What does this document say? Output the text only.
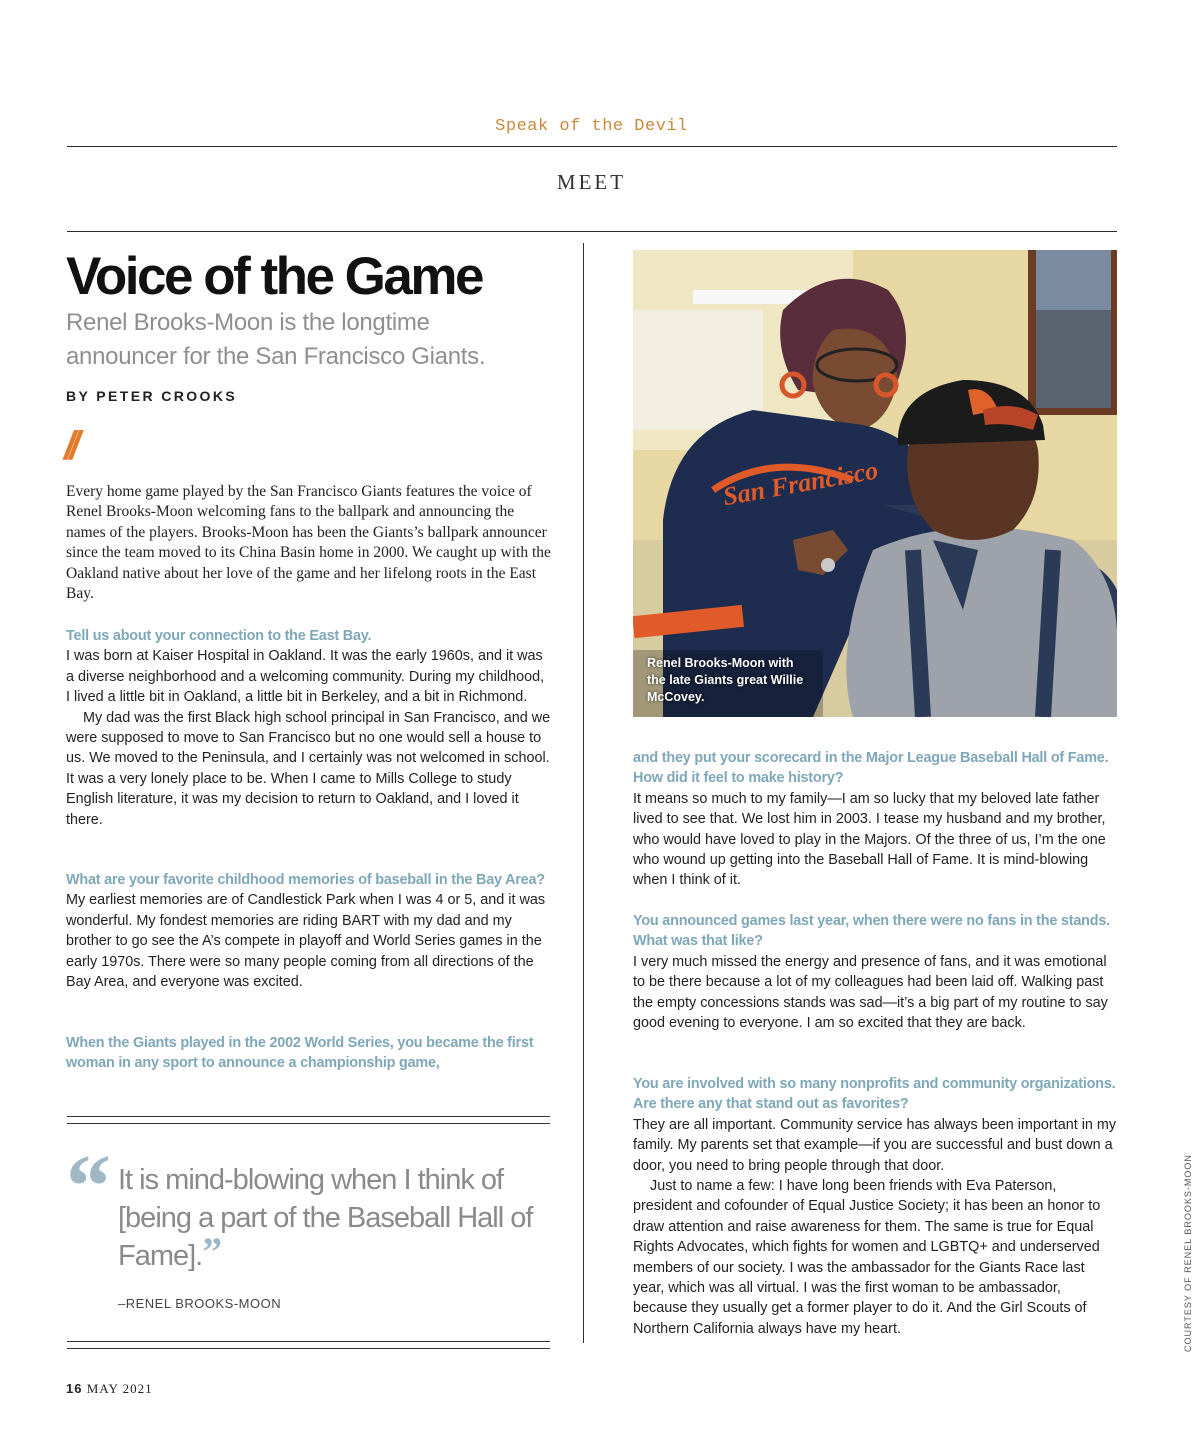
Speak of the Devil
MEET
Voice of the Game

Renel Brooks-Moon is the longtime announcer for the San Francisco Giants.

BY PETER CROOKS

//

Every home game played by the San Francisco Giants features the voice of Renel Brooks-Moon welcoming fans to the ballpark and announcing the names of the players. Brooks-Moon has been the Giants’s ballpark announcer since the team moved to its China Basin home in 2000. We caught up with the Oakland native about her love of the game and her lifelong roots in the East Bay.

Tell us about your connection to the East Bay.

I was born at Kaiser Hospital in Oakland. It was the early 1960s, and it was a diverse neighborhood and a welcoming community. During my childhood, I lived a little bit in Oakland, a little bit in Berkeley, and a bit in Richmond.

My dad was the first Black high school principal in San Francisco, and we were supposed to move to San Francisco but no one would sell a house to us. We moved to the Peninsula, and I certainly was not welcomed in school. It was a very lonely place to be. When I came to Mills College to study English literature, it was my decision to return to Oakland, and I loved it there.

What are your favorite childhood memories of baseball in the Bay Area?

My earliest memories are of Candlestick Park when I was 4 or 5, and it was wonderful. My fondest memories are riding BART with my dad and my brother to go see the A’s compete in playoff and World Series games in the early 1970s. There were so many people coming from all directions of the Bay Area, and everyone was excited.

When the Giants played in the 2002 World Series, you became the first woman in any sport to announce a championship game,

“ It is mind-blowing when I think of [being a part of the Baseball Hall of Fame].”

–RENEL BROOKS-MOON
San Francisco

Renel Brooks-Moon with the late Giants great Willie McCovey.

and they put your scorecard in the Major League Baseball Hall of Fame. How did it feel to make history?

It means so much to my family—I am so lucky that my beloved late father lived to see that. We lost him in 2003. I tease my husband and my brother, who would have loved to play in the Majors. Of the three of us, I’m the one who wound up getting into the Baseball Hall of Fame. It is mind-blowing when I think of it.

You announced games last year, when there were no fans in the stands. What was that like?

I very much missed the energy and presence of fans, and it was emotional to be there because a lot of my colleagues had been laid off. Walking past the empty concessions stands was sad—it’s a big part of my routine to say good evening to everyone. I am so excited that they are back.

You are involved with so many nonprofits and community organizations. Are there any that stand out as favorites?

They are all important. Community service has always been important in my family. My parents set that example—if you are successful and bust down a door, you need to bring people through that door.

Just to name a few: I have long been friends with Eva Paterson, president and cofounder of Equal Justice Society; it has been an honor to draw attention and raise awareness for them. The same is true for Equal Rights Advocates, which fights for women and LGBTQ+ and underserved members of our society. I was the ambassador for the Giants Race last year, which was all virtual. I was the first woman to be ambassador, because they usually get a former player to do it. And the Girl Scouts of Northern California always have my heart.	COURTESY OF RENEL BROOKS-MOON
16 MAY 2021
